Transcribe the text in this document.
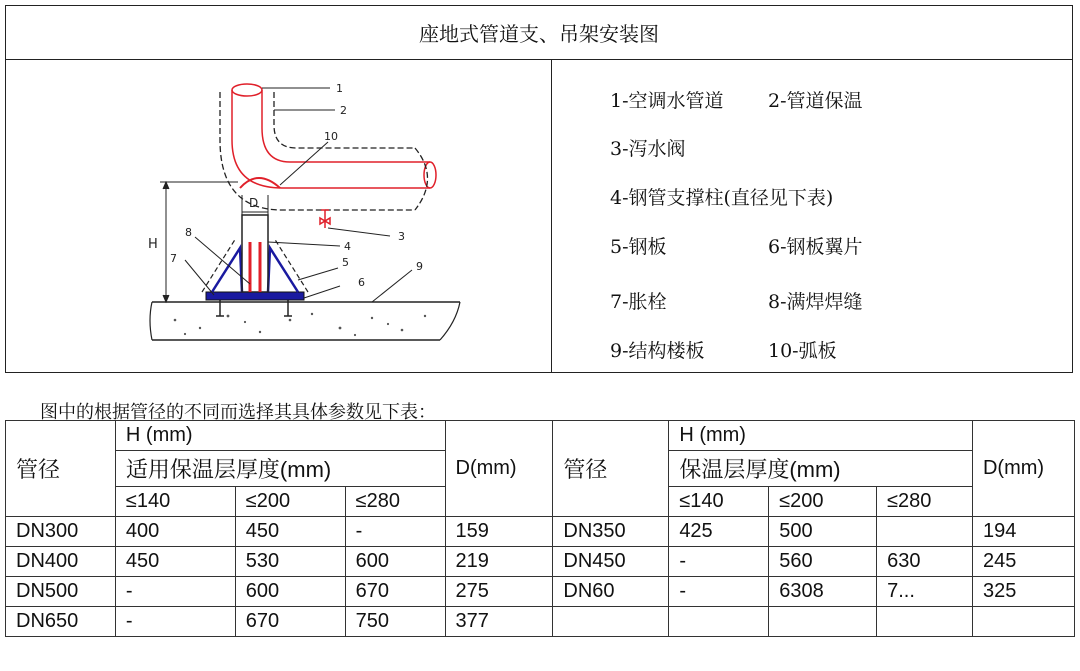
座地式管道支、吊架安装图
H
D
1
2
10
3
4
5
6
7
8
9
1-空调水管道 2-管道保温
3-泻水阀
4-钢管支撑柱(直径见下表)
5-钢板	6-钢板翼片
7-胀栓	8-满焊焊缝
9-结构楼板	10-弧板
图中的根据管径的不同而选择其具体参数见下表：
管径	H (mm)			D(mm)	管径	H (mm)			D(mm)
	适用保温层厚度(mm)					保温层厚度(mm)			
	≤140	≤200	≤280			≤140	≤200	≤280	
DN300	400	450	-	159	DN350	425	500		194
DN400	450	530	600	219	DN450	-	560	630	245
DN500	-	600	670	275	DN60	-	6308	7...	325
DN650	-	670	750	377					
